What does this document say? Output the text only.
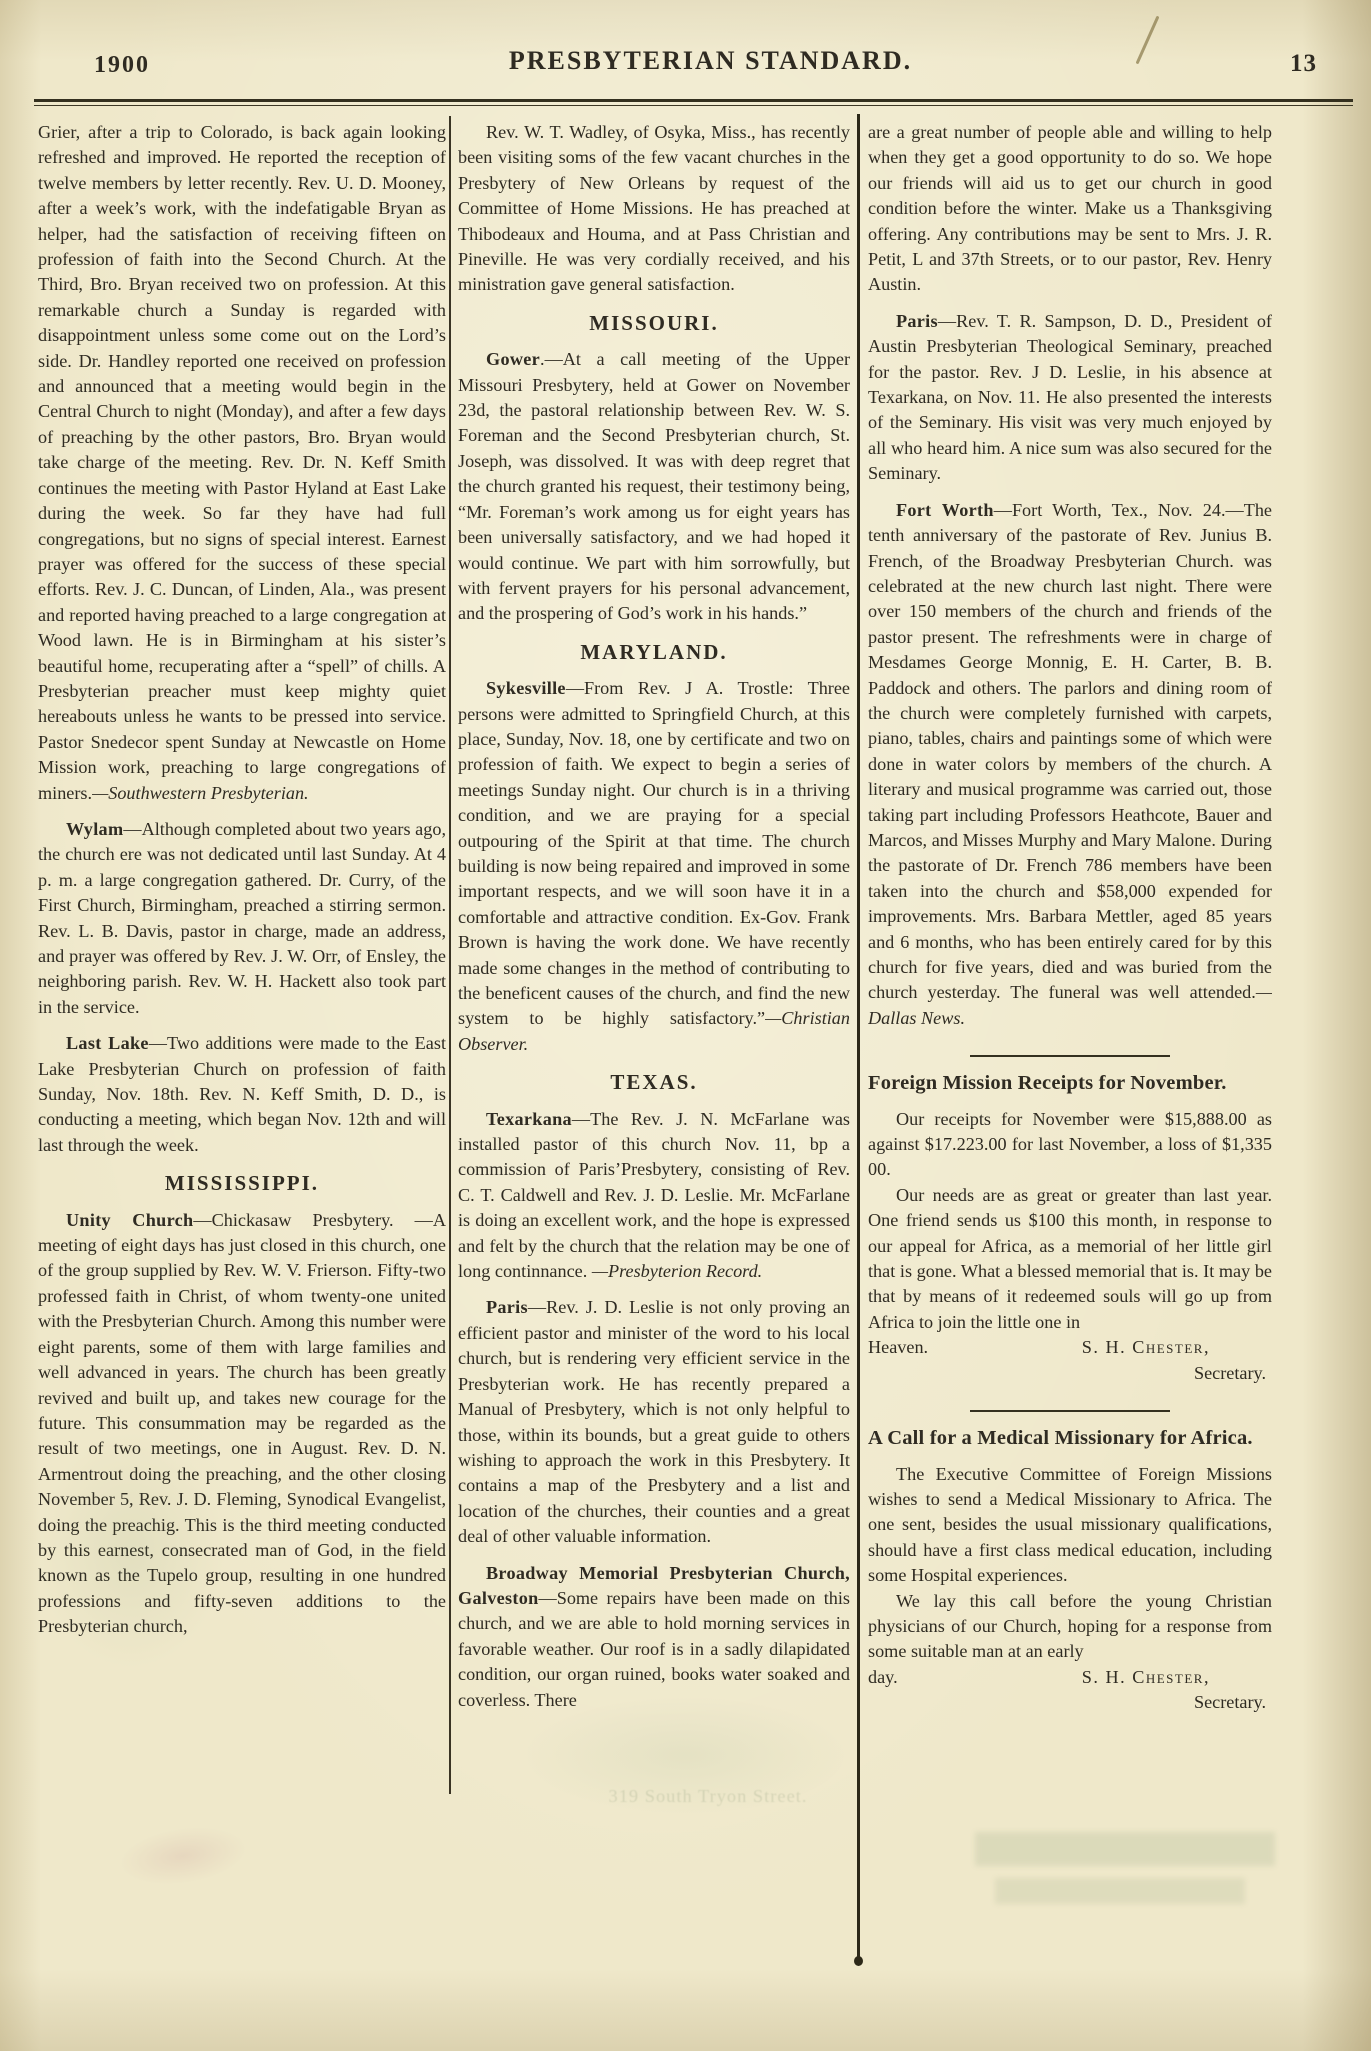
1900	PRESBYTERIAN STANDARD.	13

Grier, after a trip to Colorado, is back again looking refreshed and improved. He reported the reception of twelve members by letter recently. Rev. U. D. Mooney, after a week’s work, with the indefatigable Bryan as helper, had the satisfaction of receiving fifteen on profession of faith into the Second Church. At the Third, Bro. Bryan received two on profession. At this remarkable church a Sunday is regarded with disappointment unless some come out on the Lord’s side. Dr. Handley reported one received on profession and announced that a meeting would begin in the Central Church to night (Monday), and after a few days of preaching by the other pastors, Bro. Bryan would take charge of the meeting. Rev. Dr. N. Keff Smith continues the meeting with Pastor Hyland at East Lake during the week. So far they have had full congregations, but no signs of special interest. Earnest prayer was offered for the success of these special efforts. Rev. J. C. Duncan, of Linden, Ala., was present and reported having preached to a large congregation at Wood lawn. He is in Birmingham at his sister’s beautiful home, recuperating after a “spell” of chills. A Presbyterian preacher must keep mighty quiet hereabouts unless he wants to be pressed into service. Pastor Snedecor spent Sunday at Newcastle on Home Mission work, preaching to large congregations of miners.—Southwestern Presbyterian.

Wylam—Although completed about two years ago, the church ere was not dedicated until last Sunday. At 4 p. m. a large congregation gathered. Dr. Curry, of the First Church, Birmingham, preached a stirring sermon. Rev. L. B. Davis, pastor in charge, made an address, and prayer was offered by Rev. J. W. Orr, of Ensley, the neighboring parish. Rev. W. H. Hackett also took part in the service.

Last Lake—Two additions were made to the East Lake Presbyterian Church on profession of faith Sunday, Nov. 18th. Rev. N. Keff Smith, D. D., is conducting a meeting, which began Nov. 12th and will last through the week.

MISSISSIPPI.

Unity Church—Chickasaw Presbytery. —A meeting of eight days has just closed in this church, one of the group supplied by Rev. W. V. Frierson. Fifty-two professed faith in Christ, of whom twenty-one united with the Presbyterian Church. Among this number were eight parents, some of them with large families and well advanced in years. The church has been greatly revived and built up, and takes new courage for the future. This consummation may be regarded as the result of two meetings, one in August. Rev. D. N. Armentrout doing the preaching, and the other closing November 5, Rev. J. D. Fleming, Synodical Evangelist, doing the preachig. This is the third meeting conducted by this earnest, consecrated man of God, in the field known as the Tupelo group, resulting in one hundred professions and fifty-seven additions to the Presbyterian church,

Rev. W. T. Wadley, of Osyka, Miss., has recently been visiting soms of the few vacant churches in the Presbytery of New Orleans by request of the Committee of Home Missions. He has preached at Thibodeaux and Houma, and at Pass Christian and Pineville. He was very cordially received, and his ministration gave general satisfaction.

MISSOURI.

Gower.—At a call meeting of the Upper Missouri Presbytery, held at Gower on November 23d, the pastoral relationship between Rev. W. S. Foreman and the Second Presbyterian church, St. Joseph, was dissolved. It was with deep regret that the church granted his request, their testimony being, “Mr. Foreman’s work among us for eight years has been universally satisfactory, and we had hoped it would continue. We part with him sorrowfully, but with fervent prayers for his personal advancement, and the prospering of God’s work in his hands.”

MARYLAND.

Sykesville—From Rev. J A. Trostle: Three persons were admitted to Springfield Church, at this place, Sunday, Nov. 18, one by certificate and two on profession of faith. We expect to begin a series of meetings Sunday night. Our church is in a thriving condition, and we are praying for a special outpouring of the Spirit at that time. The church building is now being repaired and improved in some important respects, and we will soon have it in a comfortable and attractive condition. Ex-Gov. Frank Brown is having the work done. We have recently made some changes in the method of contributing to the beneficent causes of the church, and find the new system to be highly satisfactory.”—Christian Observer.

TEXAS.

Texarkana—The Rev. J. N. McFarlane was installed pastor of this church Nov. 11, bp a commission of Paris’Presbytery, consisting of Rev. C. T. Caldwell and Rev. J. D. Leslie. Mr. McFarlane is doing an excellent work, and the hope is expressed and felt by the church that the relation may be one of long continnance. —Presbyterion Record.

Paris—Rev. J. D. Leslie is not only proving an efficient pastor and minister of the word to his local church, but is rendering very efficient service in the Presbyterian work. He has recently prepared a Manual of Presbytery, which is not only helpful to those, within its bounds, but a great guide to others wishing to approach the work in this Presbytery. It contains a map of the Presbytery and a list and location of the churches, their counties and a great deal of other valuable information.

Broadway Memorial Presbyterian Church, Galveston—Some repairs have been made on this church, and we are able to hold morning services in favorable weather. Our roof is in a sadly dilapidated condition, our organ ruined, books water soaked and coverless. There

are a great number of people able and willing to help when they get a good opportunity to do so. We hope our friends will aid us to get our church in good condition before the winter. Make us a Thanksgiving offering. Any contributions may be sent to Mrs. J. R. Petit, L and 37th Streets, or to our pastor, Rev. Henry Austin.

Paris—Rev. T. R. Sampson, D. D., President of Austin Presbyterian Theological Seminary, preached for the pastor. Rev. J D. Leslie, in his absence at Texarkana, on Nov. 11. He also presented the interests of the Seminary. His visit was very much enjoyed by all who heard him. A nice sum was also secured for the Seminary.

Fort Worth—Fort Worth, Tex., Nov. 24.—The tenth anniversary of the pastorate of Rev. Junius B. French, of the Broadway Presbyterian Church. was celebrated at the new church last night. There were over 150 members of the church and friends of the pastor present. The refreshments were in charge of Mesdames George Monnig, E. H. Carter, B. B. Paddock and others. The parlors and dining room of the church were completely furnished with carpets, piano, tables, chairs and paintings some of which were done in water colors by members of the church. A literary and musical programme was carried out, those taking part including Professors Heathcote, Bauer and Marcos, and Misses Murphy and Mary Malone. During the pastorate of Dr. French 786 members have been taken into the church and $58,000 expended for improvements. Mrs. Barbara Mettler, aged 85 years and 6 months, who has been entirely cared for by this church for five years, died and was buried from the church yesterday. The funeral was well attended.—Dallas News.

Foreign Mission Receipts for November.

Our receipts for November were $15,888.00 as against $17.223.00 for last November, a loss of $1,335 00.

Our needs are as great or greater than last year. One friend sends us $100 this month, in response to our appeal for Africa, as a memorial of her little girl that is gone. What a blessed memorial that is. It may be that by means of it redeemed souls will go up from Africa to join the little one in

Heaven.	S. H. Chester,
Secretary.
A Call for a Medical Missionary for Africa.

The Executive Committee of Foreign Missions wishes to send a Medical Missionary to Africa. The one sent, besides the usual missionary qualifications, should have a first class medical education, including some Hospital experiences.

We lay this call before the young Christian physicians of our Church, hoping for a response from some suitable man at an early

day.	S. H. Chester,
Secretary.
319 South Tryon Street.
